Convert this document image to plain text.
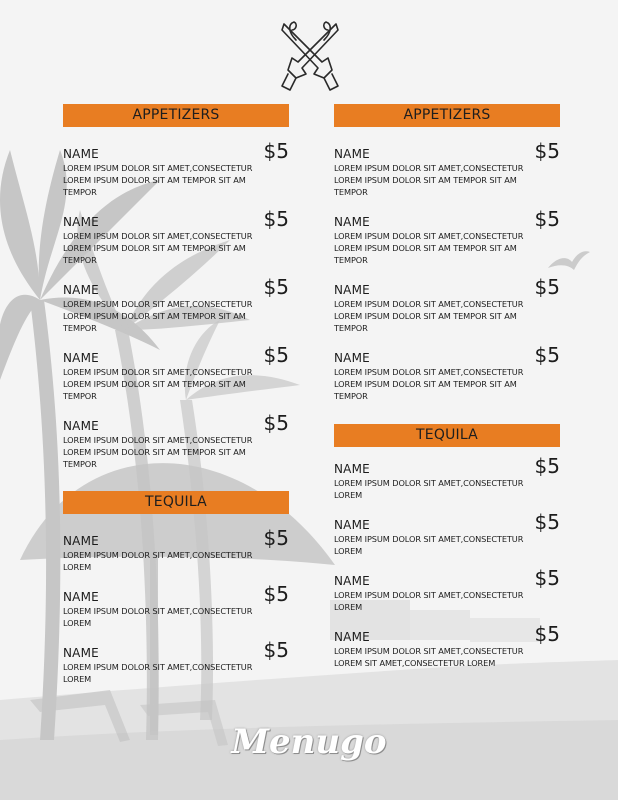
APPETIZERS
NAME	$5
LOREM IPSUM DOLOR SIT AMET,CONSECTETUR LOREM IPSUM DOLOR SIT AM TEMPOR SIT AM TEMPOR
NAME	$5
LOREM IPSUM DOLOR SIT AMET,CONSECTETUR LOREM IPSUM DOLOR SIT AM TEMPOR SIT AM TEMPOR
NAME	$5
LOREM IPSUM DOLOR SIT AMET,CONSECTETUR LOREM IPSUM DOLOR SIT AM TEMPOR SIT AM TEMPOR
NAME	$5
LOREM IPSUM DOLOR SIT AMET,CONSECTETUR LOREM IPSUM DOLOR SIT AM TEMPOR SIT AM TEMPOR
NAME	$5
LOREM IPSUM DOLOR SIT AMET,CONSECTETUR LOREM IPSUM DOLOR SIT AM TEMPOR SIT AM TEMPOR
TEQUILA
NAME	$5
LOREM IPSUM DOLOR SIT AMET,CONSECTETUR LOREM
NAME	$5
LOREM IPSUM DOLOR SIT AMET,CONSECTETUR LOREM
NAME	$5
LOREM IPSUM DOLOR SIT AMET,CONSECTETUR LOREM
APPETIZERS
NAME	$5
LOREM IPSUM DOLOR SIT AMET,CONSECTETUR LOREM IPSUM DOLOR SIT AM TEMPOR SIT AM TEMPOR
NAME	$5
LOREM IPSUM DOLOR SIT AMET,CONSECTETUR LOREM IPSUM DOLOR SIT AM TEMPOR SIT AM TEMPOR
NAME	$5
LOREM IPSUM DOLOR SIT AMET,CONSECTETUR LOREM IPSUM DOLOR SIT AM TEMPOR SIT AM TEMPOR
NAME	$5
LOREM IPSUM DOLOR SIT AMET,CONSECTETUR LOREM IPSUM DOLOR SIT AM TEMPOR SIT AM TEMPOR
TEQUILA
NAME	$5
LOREM IPSUM DOLOR SIT AMET,CONSECTETUR LOREM
NAME	$5
LOREM IPSUM DOLOR SIT AMET,CONSECTETUR LOREM
NAME	$5
LOREM IPSUM DOLOR SIT AMET,CONSECTETUR LOREM
NAME	$5
LOREM IPSUM DOLOR SIT AMET,CONSECTETUR LOREM SIT AMET,CONSECTETUR LOREM
Menugo
